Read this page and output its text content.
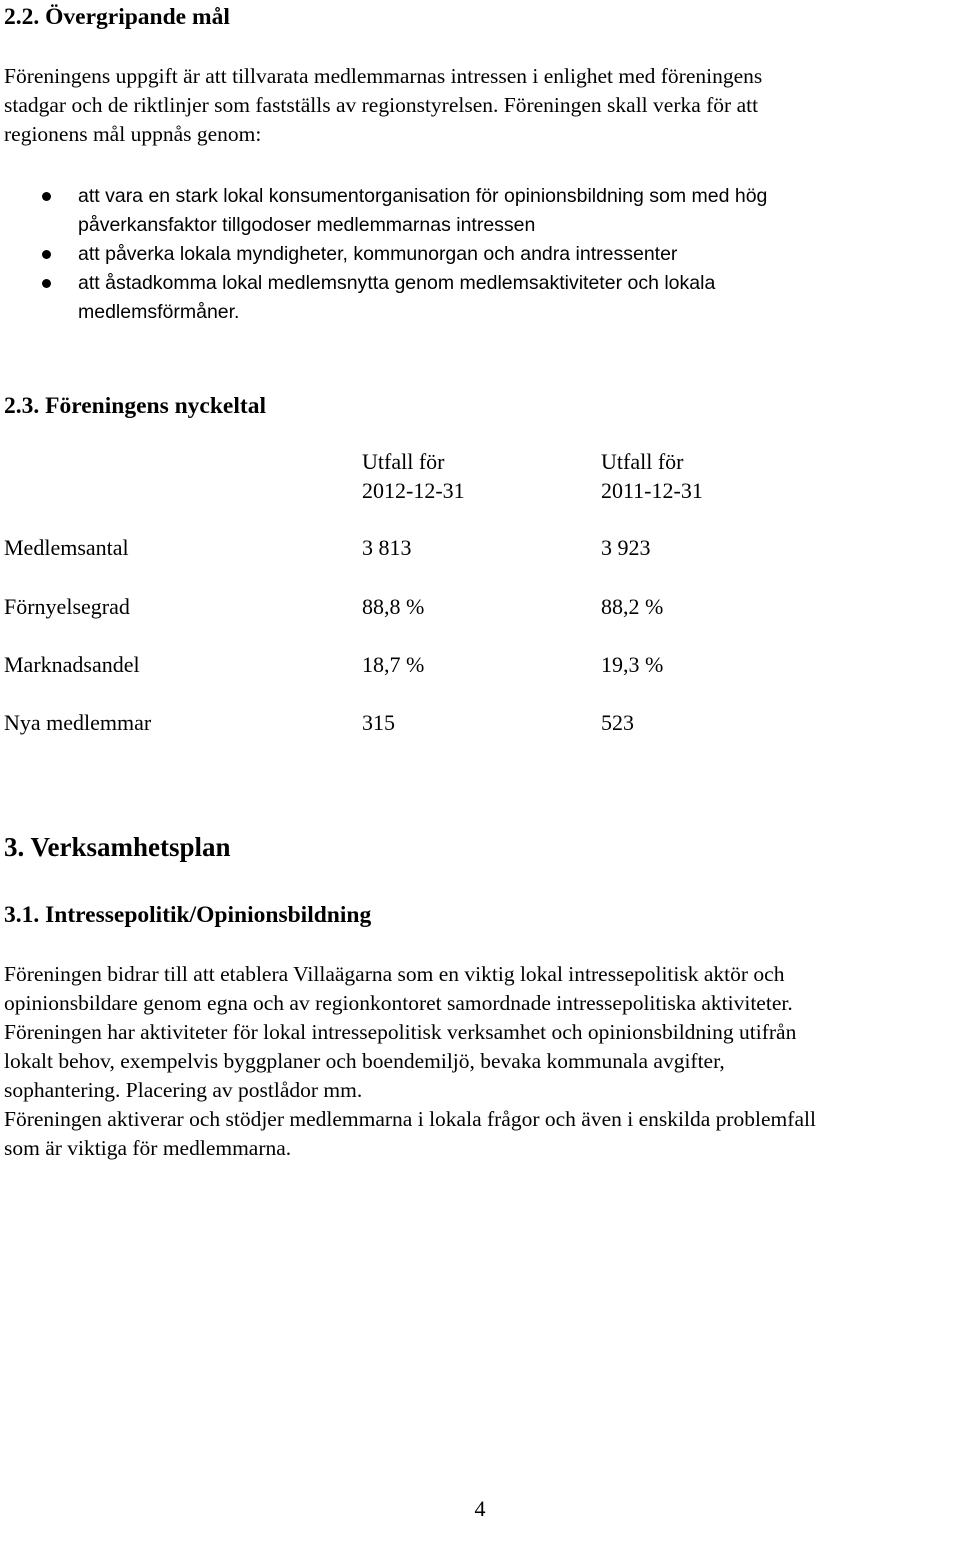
2.2. Övergripande mål
Föreningens uppgift är att tillvarata medlemmarnas intressen i enlighet med föreningens
stadgar och de riktlinjer som fastställs av regionstyrelsen. Föreningen skall verka för att
regionens mål uppnås genom:
att vara en stark lokal konsumentorganisation för opinionsbildning som med hög
påverkansfaktor tillgodoser medlemmarnas intressen
att påverka lokala myndigheter, kommunorgan och andra intressenter
att åstadkomma lokal medlemsnytta genom medlemsaktiviteter och lokala
medlemsförmåner.
2.3. Föreningens nyckeltal
Utfall för
2012-12-31
Utfall för
2011-12-31
Medlemsantal	3 813	3 923
Förnyelsegrad	88,8 %	88,2 %
Marknadsandel	18,7 %	19,3 %
Nya medlemmar	315	523
3. Verksamhetsplan
3.1. Intressepolitik/Opinionsbildning
Föreningen bidrar till att etablera Villaägarna som en viktig lokal intressepolitisk aktör och
opinionsbildare genom egna och av regionkontoret samordnade intressepolitiska aktiviteter.
Föreningen har aktiviteter för lokal intressepolitisk verksamhet och opinionsbildning utifrån
lokalt behov, exempelvis byggplaner och boendemiljö, bevaka kommunala avgifter,
sophantering. Placering av postlådor mm.
Föreningen aktiverar och stödjer medlemmarna i lokala frågor och även i enskilda problemfall
som är viktiga för medlemmarna.
4
